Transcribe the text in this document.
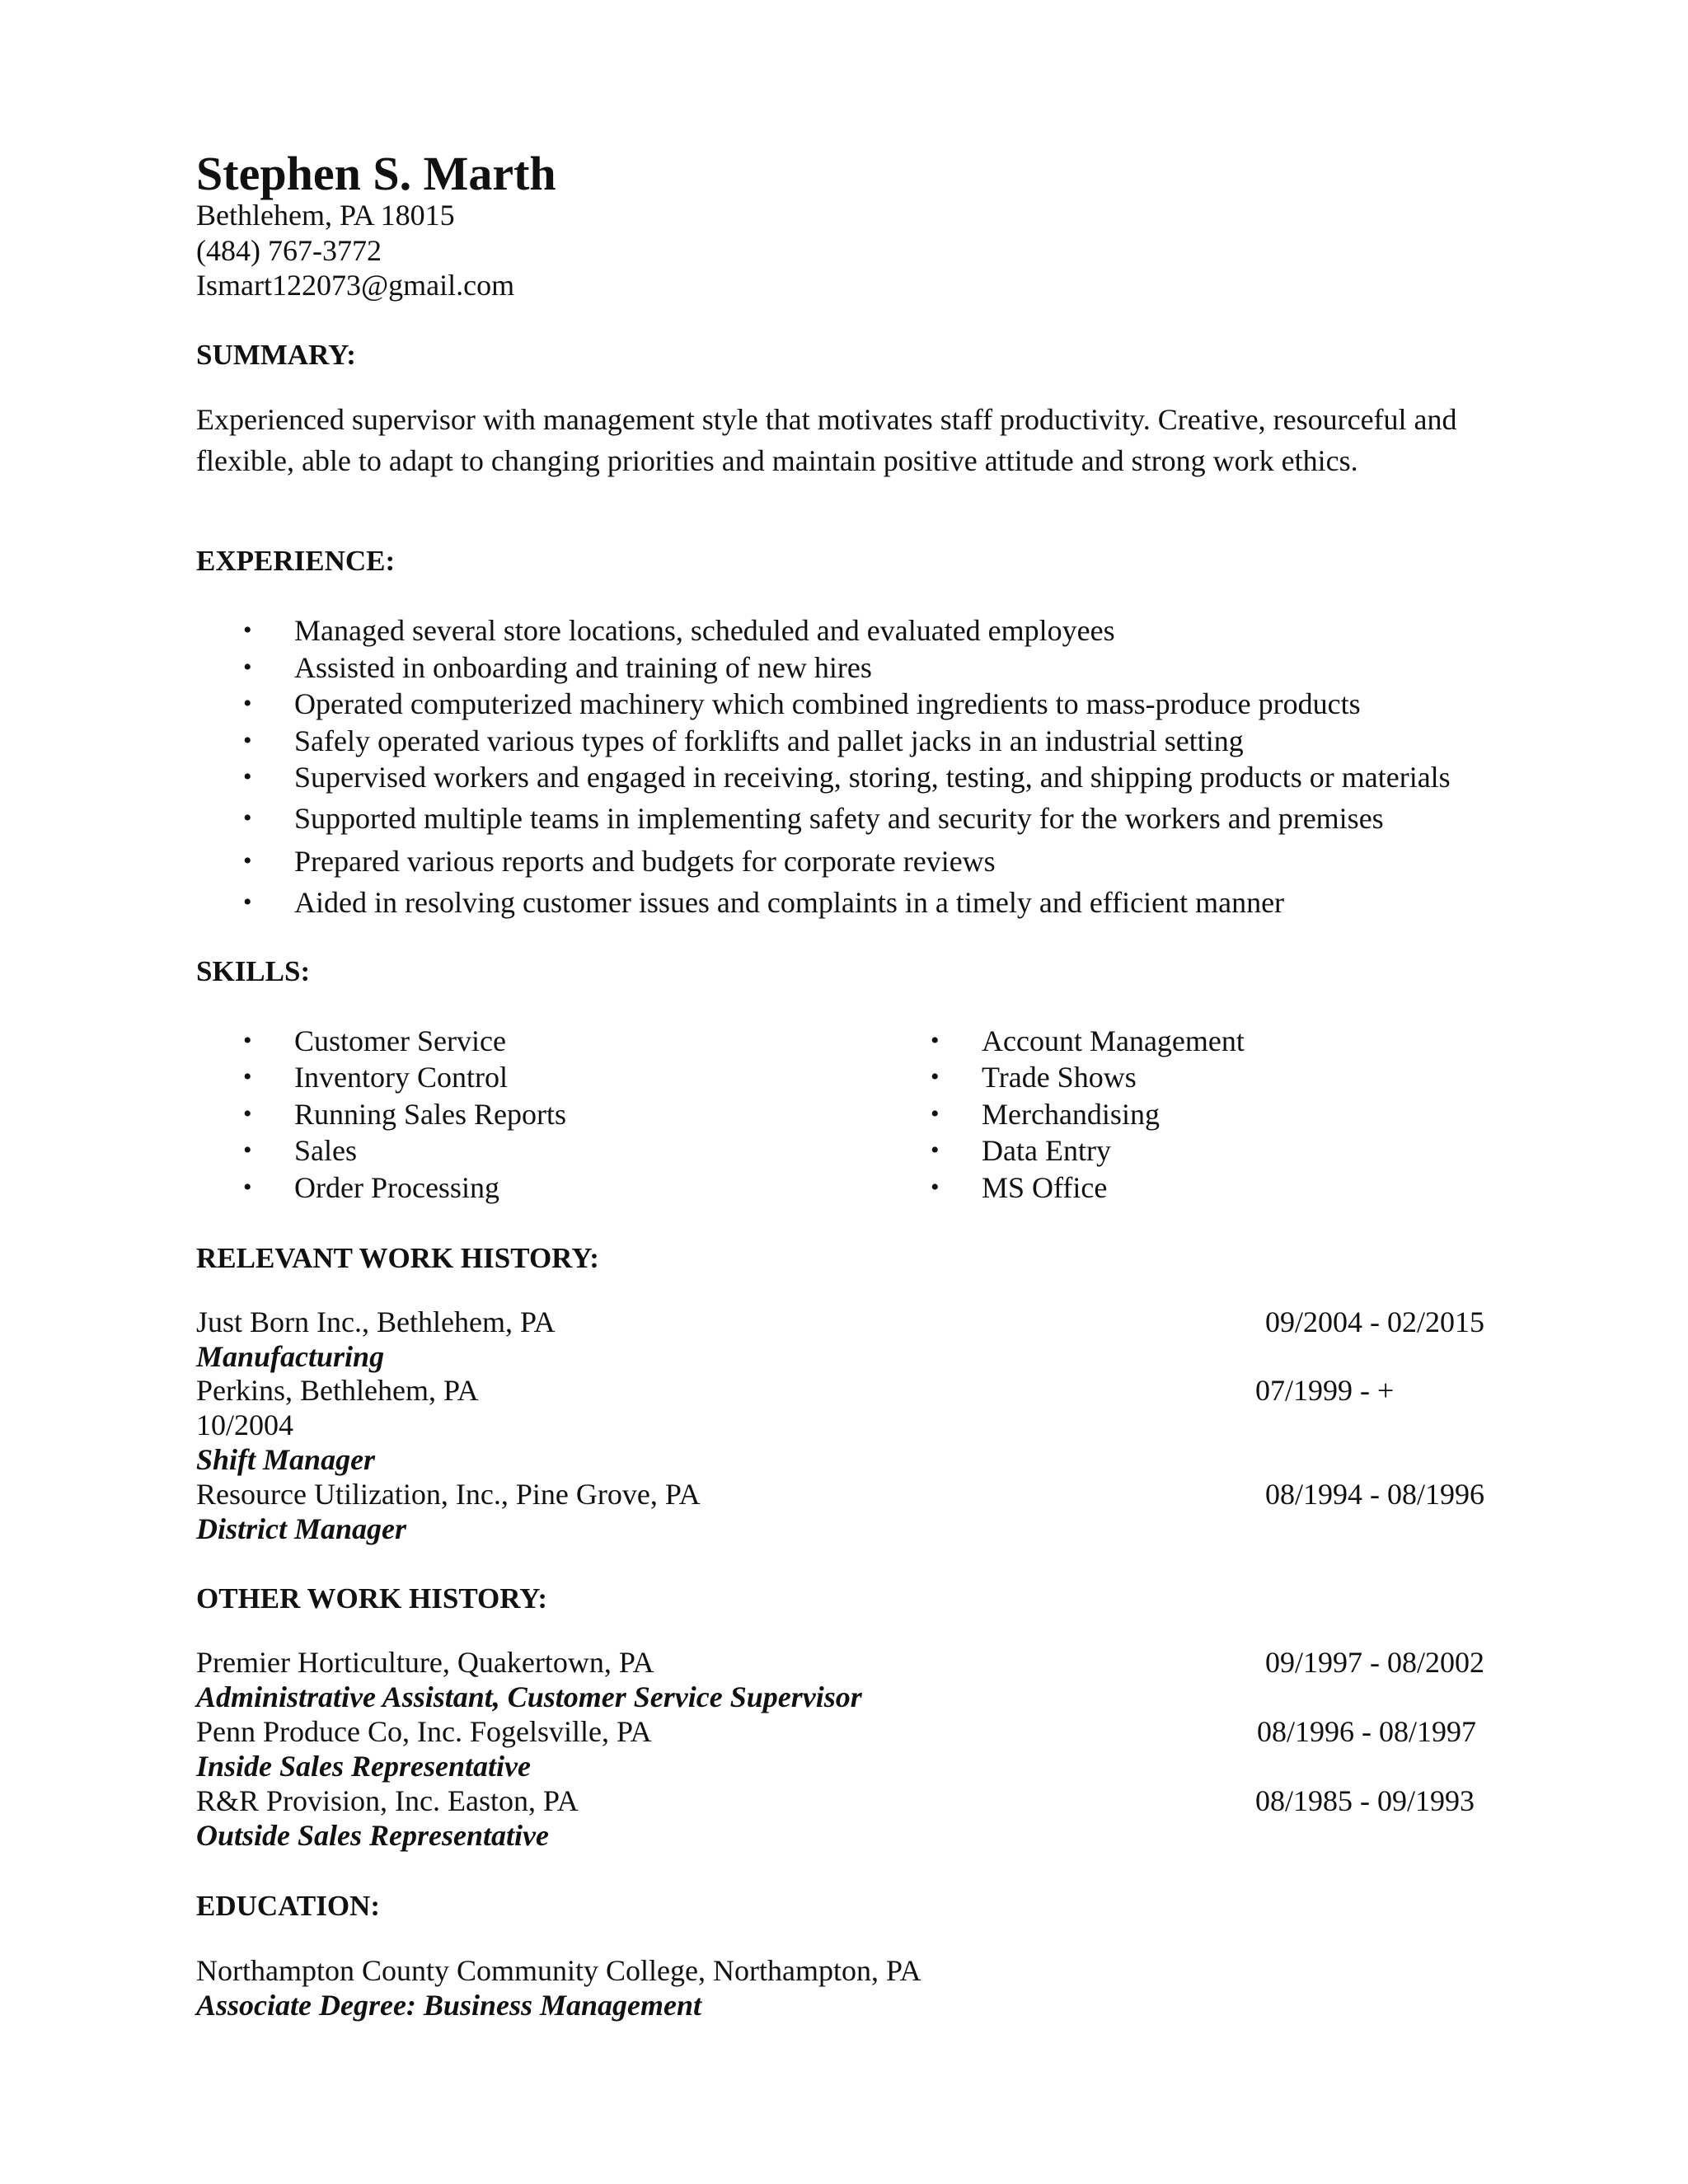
Stephen S. Marth
Bethlehem, PA 18015
(484) 767-3772
Ismart122073@gmail.com
SUMMARY:
Experienced supervisor with management style that motivates staff productivity. Creative, resourceful and flexible, able to adapt to changing priorities and maintain positive attitude and strong work ethics.
EXPERIENCE:
• Managed several store locations, scheduled and evaluated employees
• Assisted in onboarding and training of new hires
• Operated computerized machinery which combined ingredients to mass-produce products
• Safely operated various types of forklifts and pallet jacks in an industrial setting
• Supervised workers and engaged in receiving, storing, testing, and shipping products or materials
• Supported multiple teams in implementing safety and security for the workers and premises
• Prepared various reports and budgets for corporate reviews
• Aided in resolving customer issues and complaints in a timely and efficient manner
SKILLS:
• Customer Service
• Inventory Control
• Running Sales Reports
• Sales
• Order Processing
• Account Management
• Trade Shows
• Merchandising
• Data Entry
• MS Office
RELEVANT WORK HISTORY:
Just Born Inc., Bethlehem, PA	09/2004 - 02/2015
Manufacturing
Perkins, Bethlehem, PA	07/1999 - +
10/2004
Shift Manager
Resource Utilization, Inc., Pine Grove, PA	08/1994 - 08/1996
District Manager
OTHER WORK HISTORY:
Premier Horticulture, Quakertown, PA	09/1997 - 08/2002
Administrative Assistant, Customer Service Supervisor
Penn Produce Co, Inc. Fogelsville, PA	08/1996 - 08/1997
Inside Sales Representative
R&R Provision, Inc. Easton, PA	08/1985 - 09/1993
Outside Sales Representative
EDUCATION:
Northampton County Community College, Northampton, PA
Associate Degree: Business Management
